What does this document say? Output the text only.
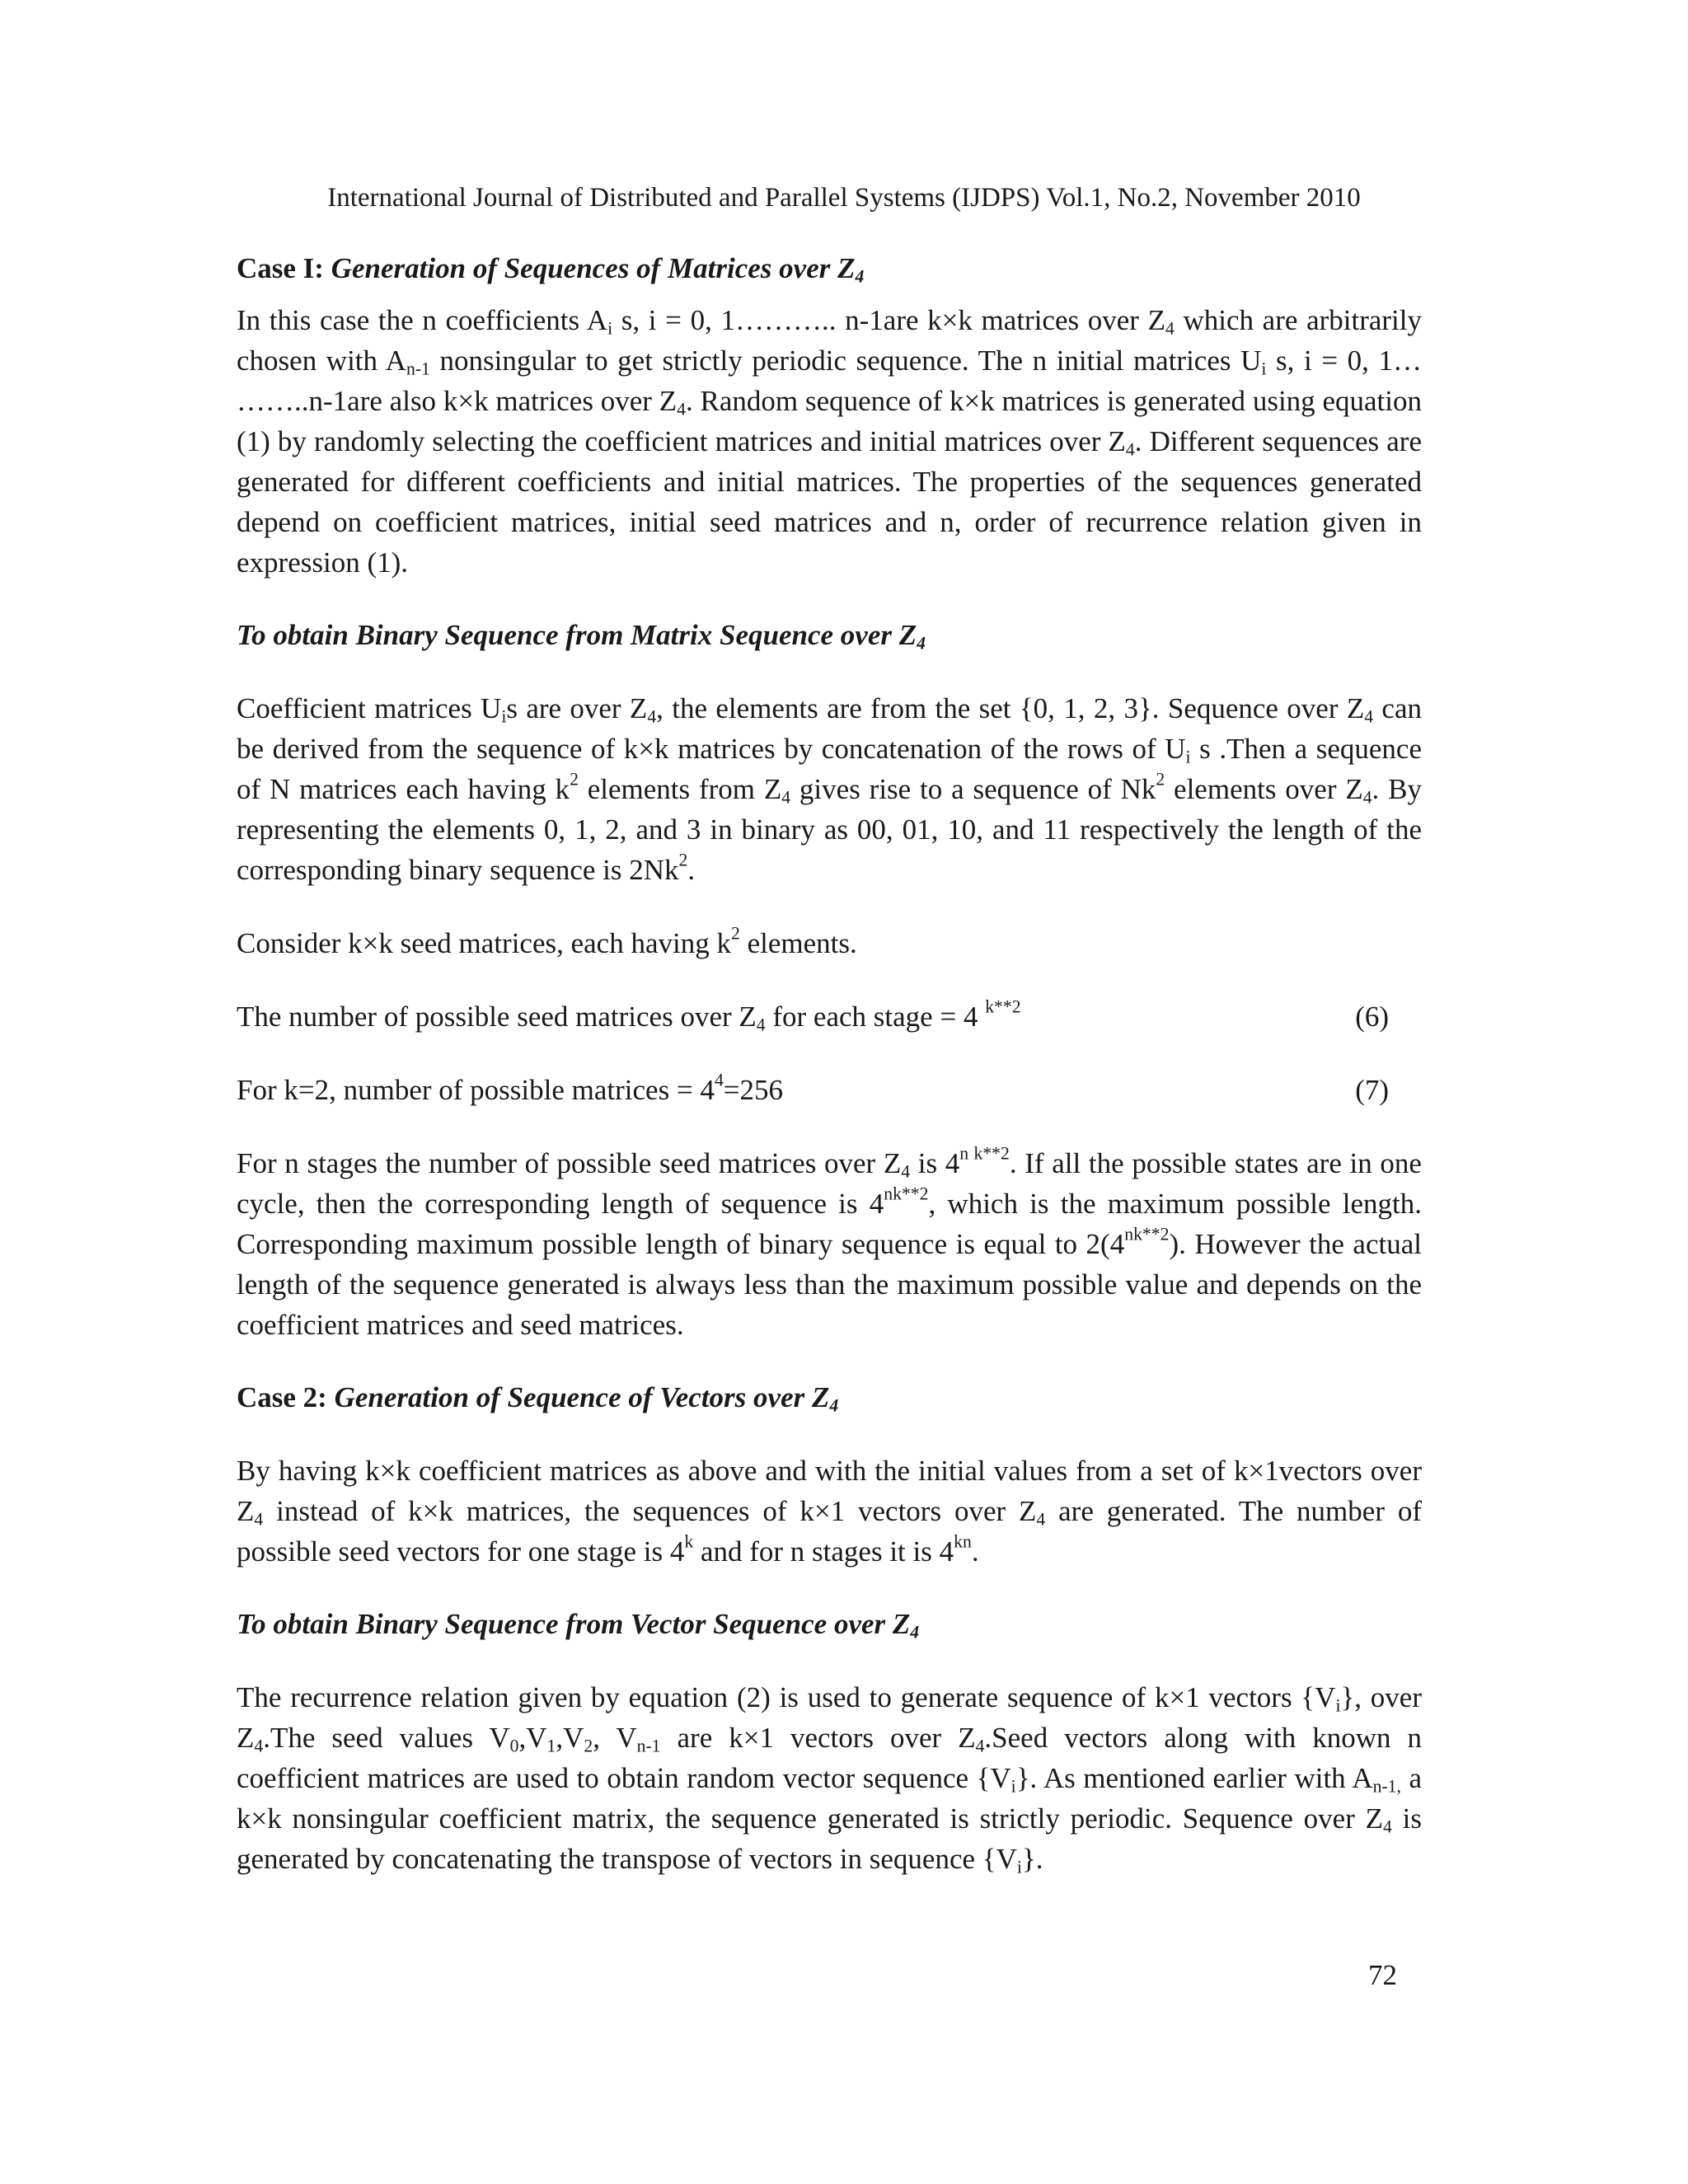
International Journal of Distributed and Parallel Systems (IJDPS) Vol.1, No.2, November 2010

Case I: Generation of Sequences of Matrices over $Z_4$

In this case the n coefficients $A_i$ s, i = 0, 1……….. n-1are k×k matrices over $Z_4$ which are arbitrarily chosen with $A_{n-1}$ nonsingular to get strictly periodic sequence. The n initial matrices $U_i$ s, i = 0, 1… ……..n-1are also k×k matrices over $Z_4$. Random sequence of k×k matrices is generated using equation (1) by randomly selecting the coefficient matrices and initial matrices over $Z_4$. Different sequences are generated for different coefficients and initial matrices. The properties of the sequences generated depend on coefficient matrices, initial seed matrices and n, order of recurrence relation given in expression (1).

To obtain Binary Sequence from Matrix Sequence over $Z_4$

Coefficient matrices $U_is$ are over $Z_4$, the elements are from the set {0, 1, 2, 3}. Sequence over $Z_4$ can be derived from the sequence of k×k matrices by concatenation of the rows of $U_i$ s .Then a sequence of N matrices each having $k^2$ elements from $Z_4$ gives rise to a sequence of Nk$^2$ elements over $Z_4$. By representing the elements 0, 1, 2, and 3 in binary as 00, 01, 10, and 11 respectively the length of the corresponding binary sequence is 2Nk$^2$.

Consider k×k seed matrices, each having $k^2$ elements.

The number of possible seed matrices over $Z_4$ for each stage = 4 $^{k**2}$	(6)

For k=2, number of possible matrices = $4^4=256$	(7)

For n stages the number of possible seed matrices over $Z_4$ is $4^{n k**2}$. If all the possible states are in one cycle, then the corresponding length of sequence is $4^{nk**2}$, which is the maximum possible length. Corresponding maximum possible length of binary sequence is equal to $2(4^{nk**2})$. However the actual length of the sequence generated is always less than the maximum possible value and depends on the coefficient matrices and seed matrices.

Case 2: Generation of Sequence of Vectors over $Z_4$

By having k×k coefficient matrices as above and with the initial values from a set of k×1vectors over $Z_4$ instead of k×k matrices, the sequences of k×1 vectors over $Z_4$ are generated. The number of possible seed vectors for one stage is 4$^k$ and for n stages it is $4^{kn}$.

To obtain Binary Sequence from Vector Sequence over $Z_4$

The recurrence relation given by equation (2) is used to generate sequence of k×1 vectors $\{V_i\}$, over $Z_4.The$ seed values $V_0,V_1,V_2$, $V_{n-1}$ are k×1 vectors over $Z_4.Seed$ vectors along with known n coefficient matrices are used to obtain random vector sequence $\{V_i\}$. As mentioned earlier with $A_{n-1,}$ a k×k nonsingular coefficient matrix, the sequence generated is strictly periodic. Sequence over $Z_4$ is generated by concatenating the transpose of vectors in sequence $\{V_i\}$.

72
